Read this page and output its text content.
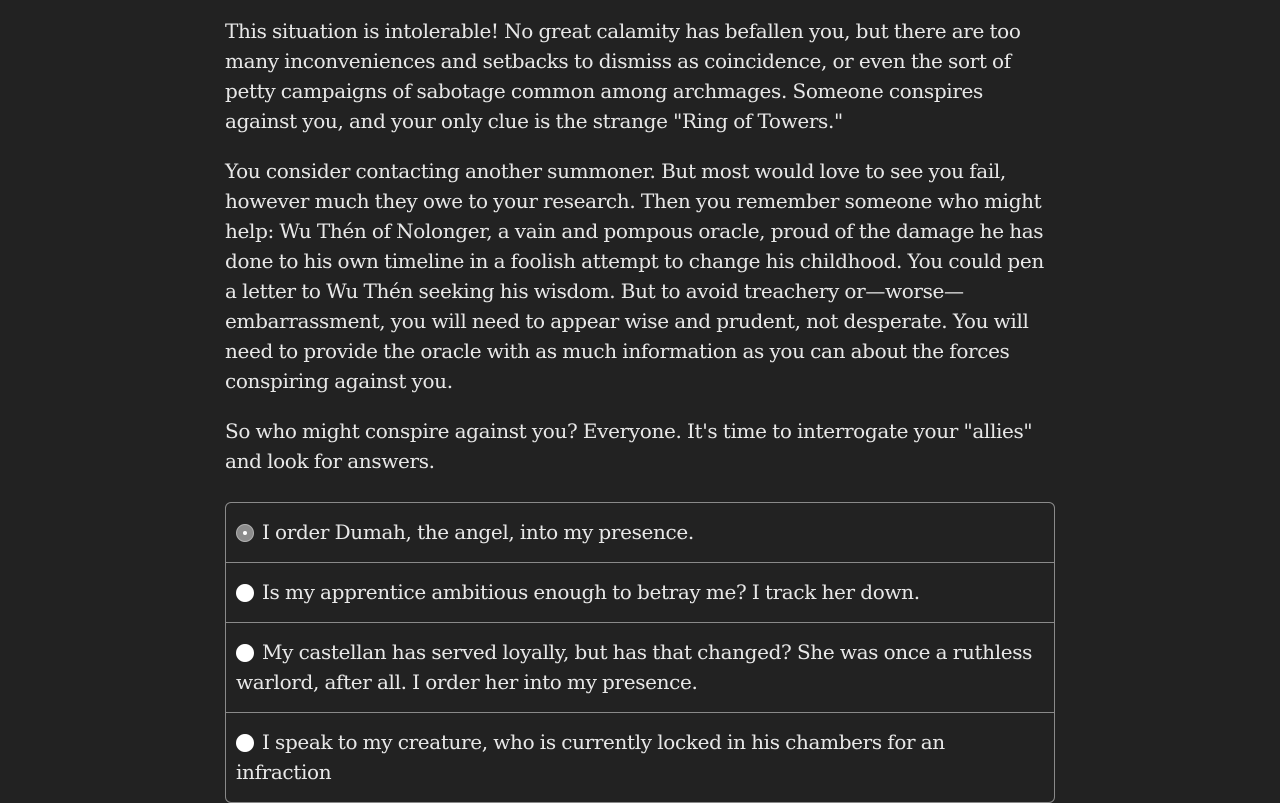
This situation is intolerable! No great calamity has befallen you, but there are too many inconveniences and setbacks to dismiss as coincidence, or even the sort of petty campaigns of sabotage common among archmages. Someone conspires against you, and your only clue is the strange "Ring of Towers."

You consider contacting another summoner. But most would love to see you fail, however much they owe to your research. Then you remember someone who might help: Wu Thén of Nolonger, a vain and pompous oracle, proud of the damage he has done to his own timeline in a foolish attempt to change his childhood. You could pen a letter to Wu Thén seeking his wisdom. But to avoid treachery or—worse—embarrassment, you will need to appear wise and prudent, not desperate. You will need to provide the oracle with as much information as you can about the forces conspiring against you.

So who might conspire against you? Everyone. It's time to interrogate your "allies" and look for answers.

I order Dumah, the angel, into my presence.
Is my apprentice ambitious enough to betray me? I track her down.
My castellan has served loyally, but has that changed? She was once a ruthless warlord, after all. I order her into my presence.
I speak to my creature, who is currently locked in his chambers for an infraction
